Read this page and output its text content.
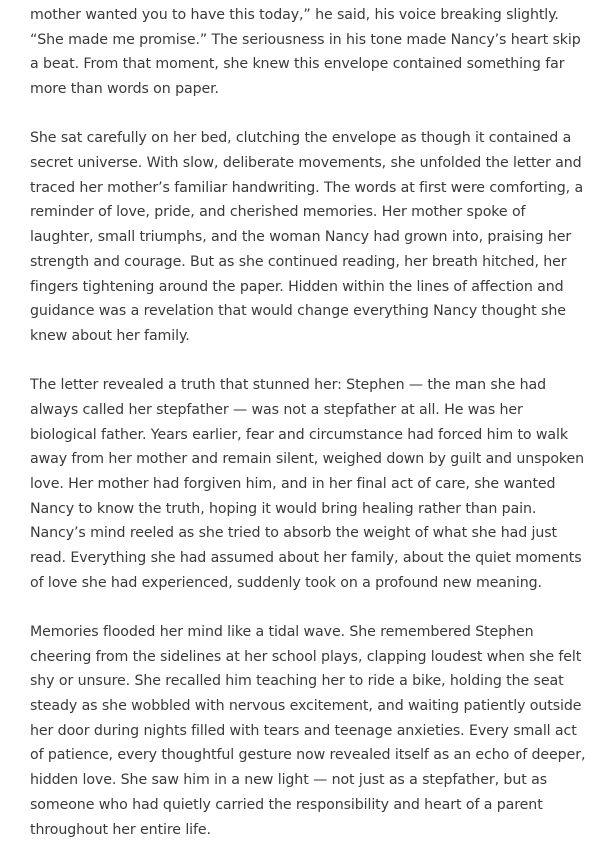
mother wanted you to have this today,” he said, his voice breaking slightly. “She made me promise.” The seriousness in his tone made Nancy’s heart skip a beat. From that moment, she knew this envelope contained something far more than words on paper.

She sat carefully on her bed, clutching the envelope as though it contained a secret universe. With slow, deliberate movements, she unfolded the letter and traced her mother’s familiar handwriting. The words at first were comforting, a reminder of love, pride, and cherished memories. Her mother spoke of laughter, small triumphs, and the woman Nancy had grown into, praising her strength and courage. But as she continued reading, her breath hitched, her fingers tightening around the paper. Hidden within the lines of affection and guidance was a revelation that would change everything Nancy thought she knew about her family.

The letter revealed a truth that stunned her: Stephen — the man she had always called her stepfather — was not a stepfather at all. He was her biological father. Years earlier, fear and circumstance had forced him to walk away from her mother and remain silent, weighed down by guilt and unspoken love. Her mother had forgiven him, and in her final act of care, she wanted Nancy to know the truth, hoping it would bring healing rather than pain. Nancy’s mind reeled as she tried to absorb the weight of what she had just read. Everything she had assumed about her family, about the quiet moments of love she had experienced, suddenly took on a profound new meaning.

Memories flooded her mind like a tidal wave. She remembered Stephen cheering from the sidelines at her school plays, clapping loudest when she felt shy or unsure. She recalled him teaching her to ride a bike, holding the seat steady as she wobbled with nervous excitement, and waiting patiently outside her door during nights filled with tears and teenage anxieties. Every small act of patience, every thoughtful gesture now revealed itself as an echo of deeper, hidden love. She saw him in a new light — not just as a stepfather, but as someone who had quietly carried the responsibility and heart of a parent throughout her entire life.
